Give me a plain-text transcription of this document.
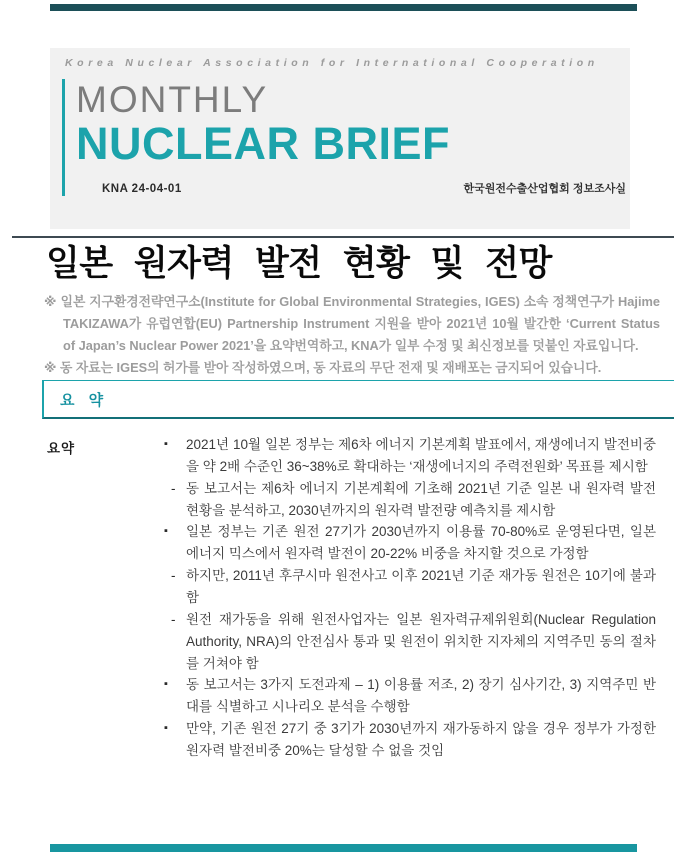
Korea Nuclear Association for International Cooperation
MONTHLY
NUCLEAR BRIEF
KNA 24-04-01	한국원전수출산업협회 정보조사실
일본 원자력 발전 현황 및 전망

※ 일본 지구환경전략연구소(Institute for Global Environmental Strategies, IGES) 소속 정책연구가 Hajime TAKIZAWA가 유럽연합(EU) Partnership Instrument 지원을 받아 2021년 10월 발간한 ‘Current Status of Japan’s Nuclear Power 2021’을 요약번역하고, KNA가 일부 수정 및 최신정보를 덧붙인 자료입니다.

※ 동 자료는 IGES의 허가를 받아 작성하였으며, 동 자료의 무단 전재 및 재배포는 금지되어 있습니다.

요 약
요약	▪	2021년 10월 일본 정부는 제6차 에너지 기본계획 발표에서, 재생에너지 발전비중을 약 2배 수준인 36~38%로 확대하는 ‘재생에너지의 주력전원화’ 목표를 제시함
- 동 보고서는 제6차 에너지 기본계획에 기초해 2021년 기준 일본 내 원자력 발전 현황을 분석하고, 2030년까지의 원자력 발전량 예측치를 제시함
▪	일본 정부는 기존 원전 27기가 2030년까지 이용률 70-80%로 운영된다면, 일본 에너지 믹스에서 원자력 발전이 20-22% 비중을 차지할 것으로 가정함
- 하지만, 2011년 후쿠시마 원전사고 이후 2021년 기준 재가동 원전은 10기에 불과함
- 원전 재가동을 위해 원전사업자는 일본 원자력규제위원회(Nuclear Regulation Authority, NRA)의 안전심사 통과 및 원전이 위치한 지자체의 지역주민 동의 절차를 거쳐야 함
▪	동 보고서는 3가지 도전과제 – 1) 이용률 저조, 2) 장기 심사기간, 3) 지역주민 반대를 식별하고 시나리오 분석을 수행함
▪	만약, 기존 원전 27기 중 3기가 2030년까지 재가동하지 않을 경우 정부가 가정한 원자력 발전비중 20%는 달성할 수 없을 것임
